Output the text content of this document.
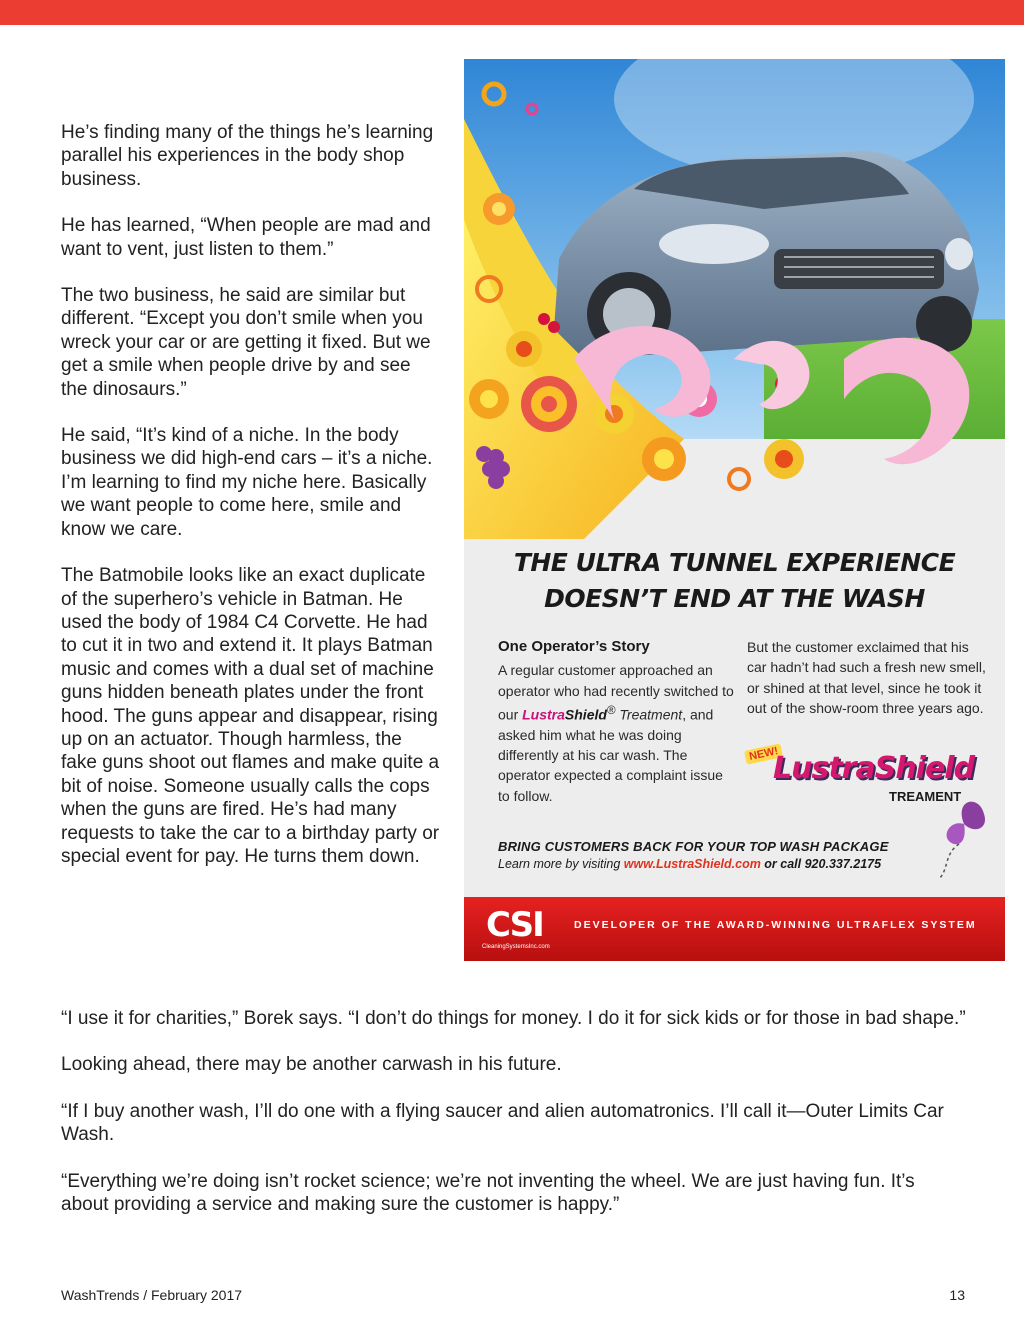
He’s finding many of the things he’s learning parallel his experiences in the body shop business.

He has learned, “When people are mad and want to vent, just listen to them.”

The two business, he said are similar but different. “Except you don’t smile when you wreck your car or are getting it fixed. But we get a smile when people drive by and see the dinosaurs.”

He said, “It’s kind of a niche. In the body business we did high-end cars – it’s a niche. I’m learning to find my niche here. Basically we want people to come here, smile and know we care.

The Batmobile looks like an exact duplicate of the superhero’s vehicle in Batman. He used the body of 1984 C4 Corvette. He had to cut it in two and extend it. It plays Batman music and comes with a dual set of machine guns hidden beneath plates under the front hood. The guns appear and disappear, rising up on an actuator. Though harmless, the fake guns shoot out flames and make quite a bit of noise. Someone usually calls the cops when the guns are fired. He’s had many requests to take the car to a birthday party or special event for pay. He turns them down.

THE ULTRA TUNNEL EXPERIENCE
DOESN’T END AT THE WASH
One Operator’s Story
A regular customer approached an operator who had recently switched to our LustraShield® Treatment, and asked him what he was doing differently at his car wash. The operator expected a complaint issue to follow.
But the customer exclaimed that his car hadn’t had such a fresh new smell, or shined at that level, since he took it out of the show-room three years ago.
NEW!
LustraShield
TREAMENT
BRING CUSTOMERS BACK FOR YOUR TOP WASH PACKAGE
Learn more by visiting www.LustraShield.com or call 920.337.2175
CSI
CleaningSystemsInc.com
DEVELOPER OF THE AWARD-WINNING ULTRAFLEX SYSTEM

“I use it for charities,” Borek says. “I don’t do things for money. I do it for sick kids or for those in bad shape.”

Looking ahead, there may be another carwash in his future.

“If I buy another wash, I’ll do one with a flying saucer and alien automatronics. I’ll call it—Outer Limits Car Wash.

“Everything we’re doing isn’t rocket science; we’re not inventing the wheel. We are just having fun. It’s about providing a service and making sure the customer is happy.”

WashTrends / February 2017	13
